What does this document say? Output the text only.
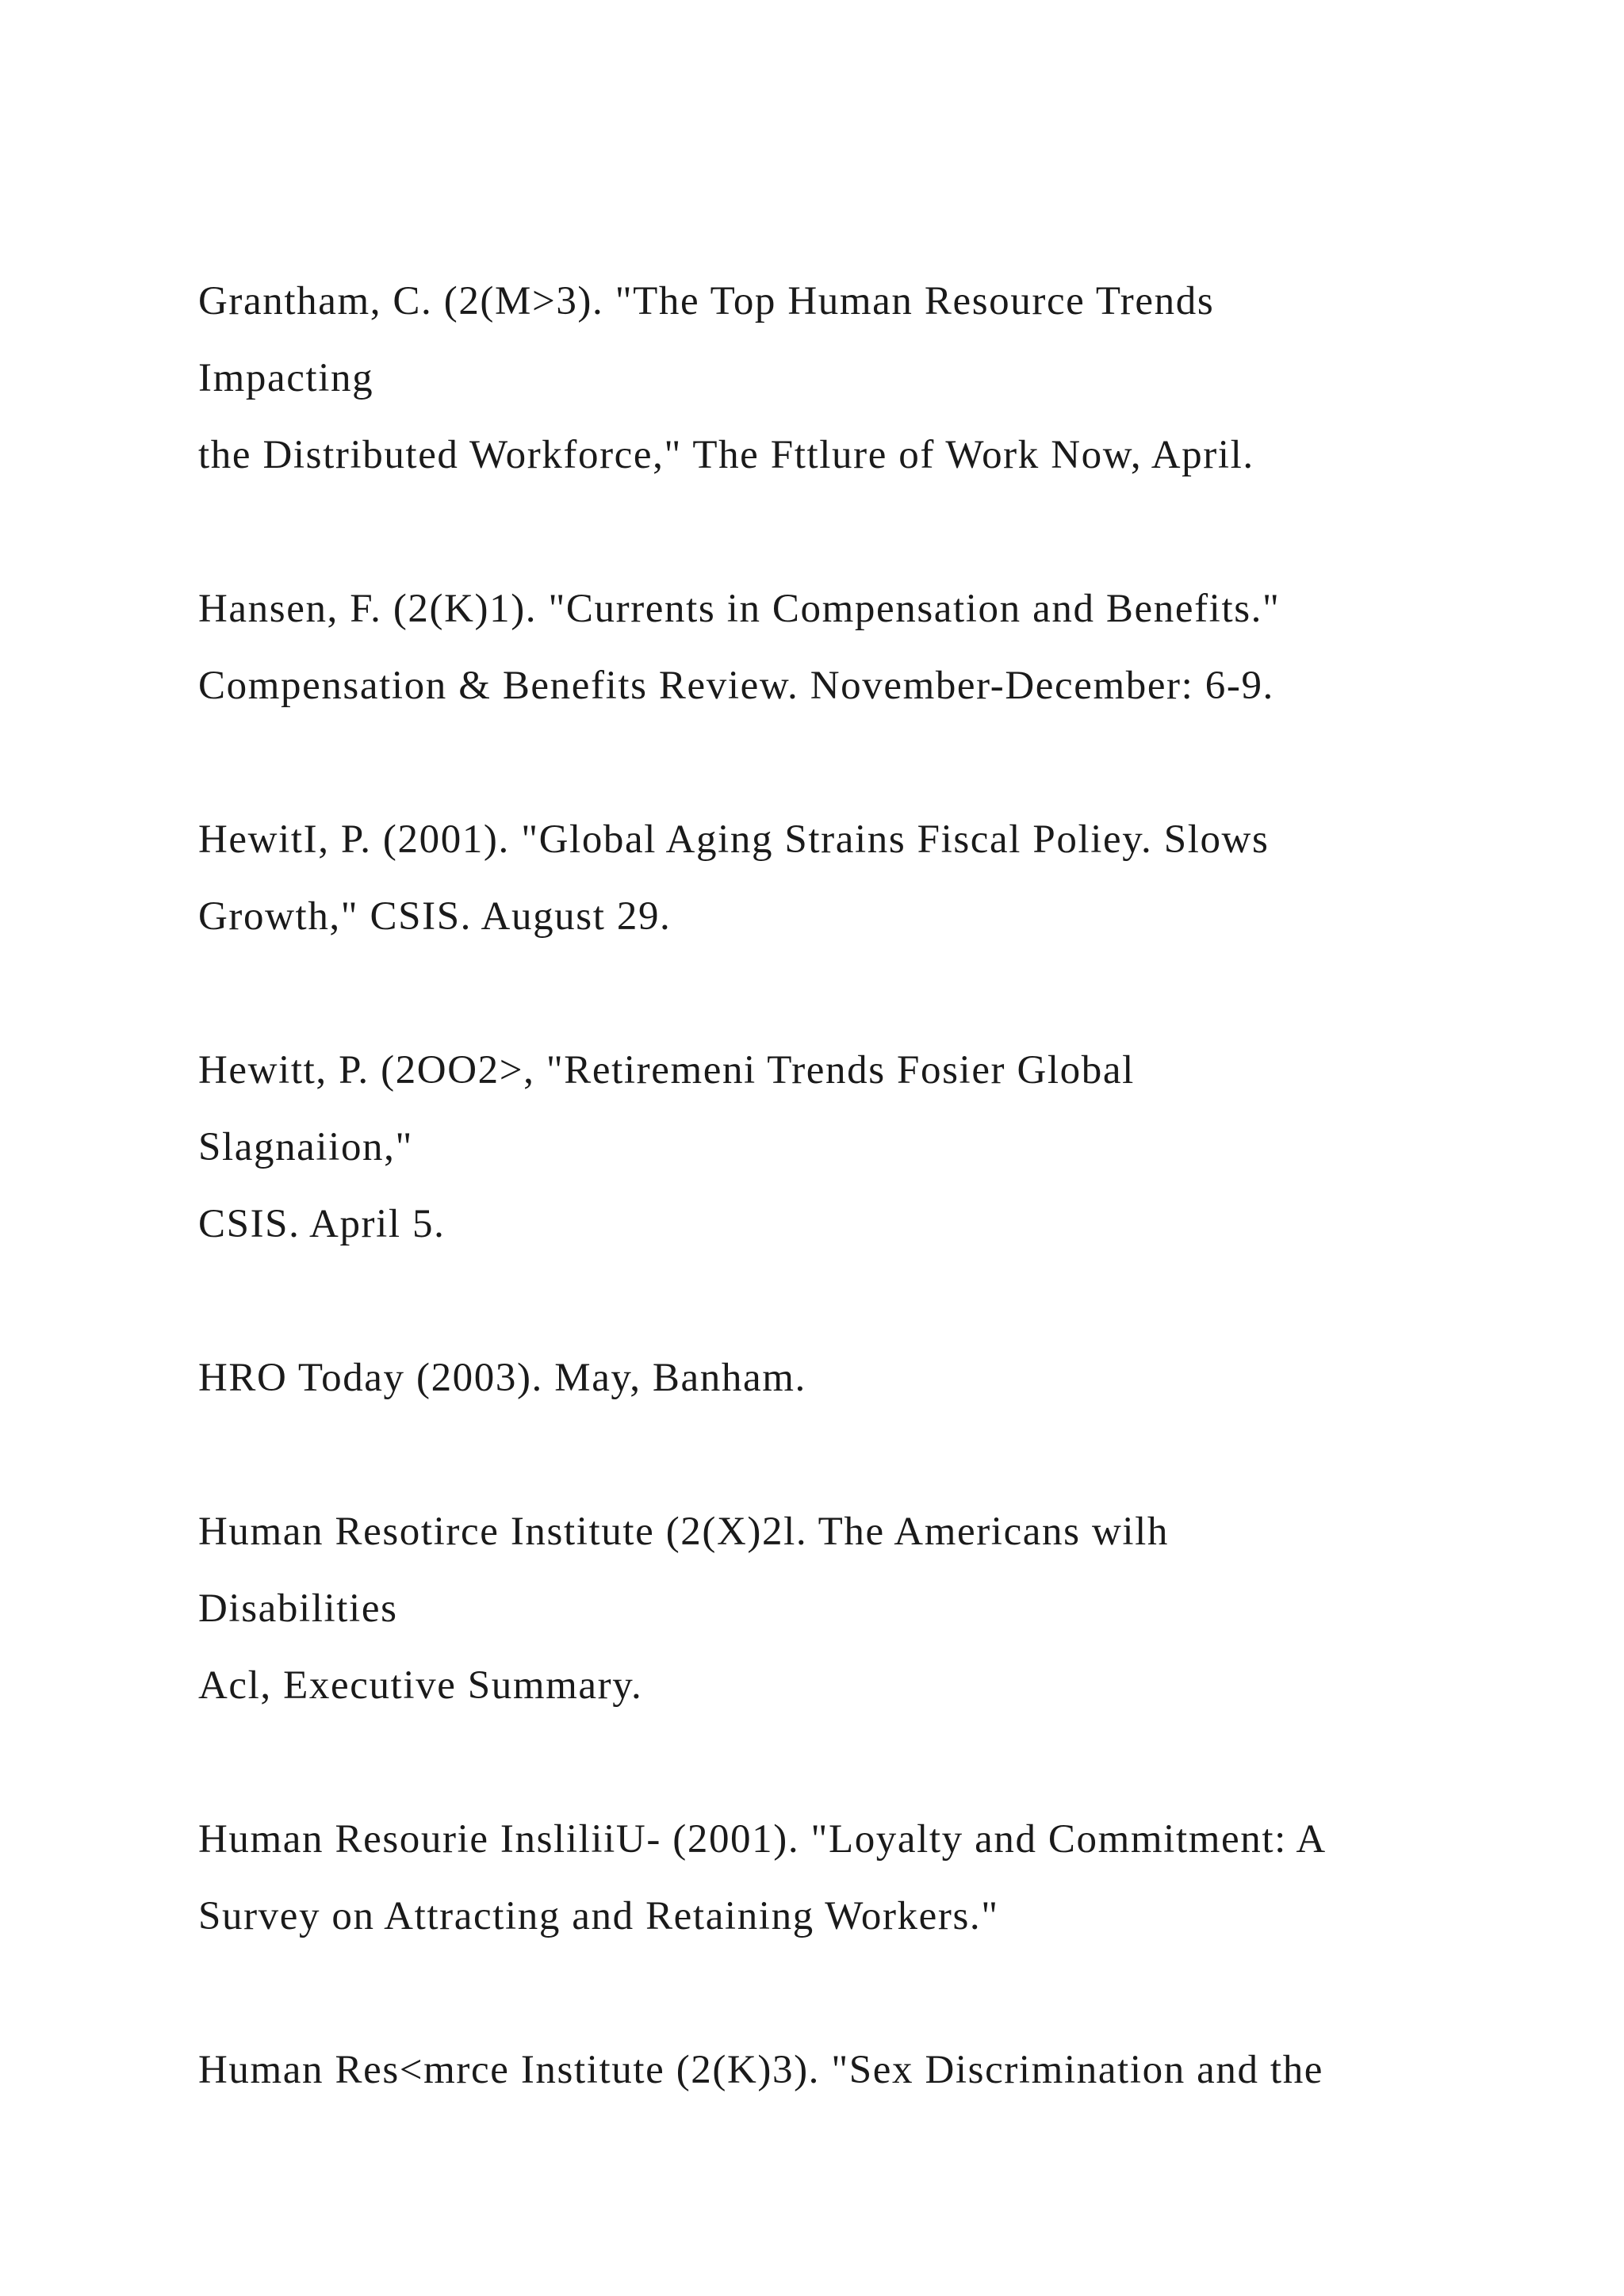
Grantham, C. (2(M>3). "The Top Human Resource Trends

Impacting

the Distributed Workforce," The Fttlure of Work Now, April.

Hansen, F. (2(K)1). "Currents in Compensation and Benefits."

Compensation & Benefits Review. November-December: 6-9.

HewitI, P. (2001). "Global Aging Strains Fiscal Poliey. Slows

Growth," CSIS. August 29.

Hewitt, P. (2OO2>, "Retiremeni Trends Fosier Global

Slagnaiion,"

CSIS. April 5.

HRO Today (2003). May, Banham.

Human Resotirce Institute (2(X)2l. The Americans wilh

Disabilities

Acl, Executive Summary.

Human Resourie InsliliiU- (2001). "Loyalty and Commitment: A

Survey on Attracting and Retaining Workers."

Human Res<mrce Institute (2(K)3). "Sex Discrimination and the
